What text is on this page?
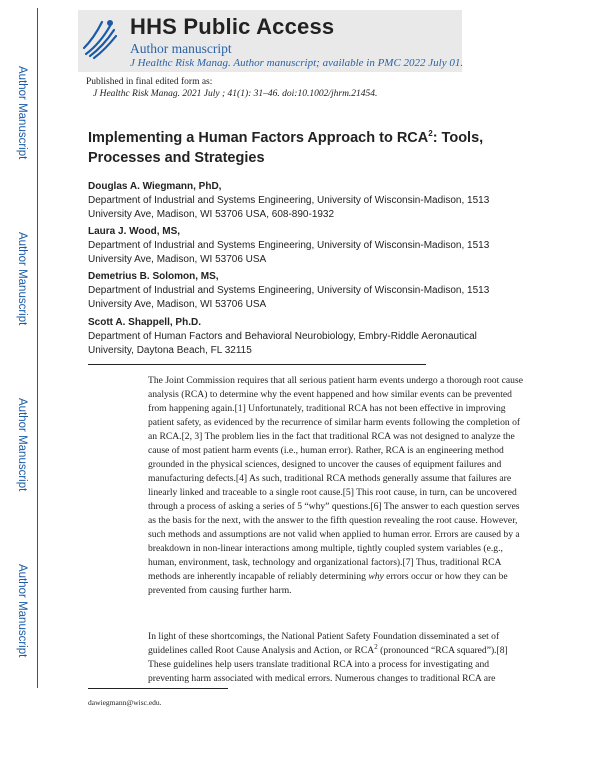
Author Manuscript
Author Manuscript
Author Manuscript
Author Manuscript
HHS Public Access
Author manuscript
J Healthc Risk Manag. Author manuscript; available in PMC 2022 July 01.
Published in final edited form as:
J Healthc Risk Manag. 2021 July ; 41(1): 31–46. doi:10.1002/jhrm.21454.
Implementing a Human Factors Approach to RCA$^2$: Tools, Processes and Strategies
Douglas A. Wiegmann, PhD,
Department of Industrial and Systems Engineering, University of Wisconsin-Madison, 1513 University Ave, Madison, WI 53706 USA, 608-890-1932
Laura J. Wood, MS,
Department of Industrial and Systems Engineering, University of Wisconsin-Madison, 1513 University Ave, Madison, WI 53706 USA
Demetrius B. Solomon, MS,
Department of Industrial and Systems Engineering, University of Wisconsin-Madison, 1513 University Ave, Madison, WI 53706 USA
Scott A. Shappell, Ph.D.
Department of Human Factors and Behavioral Neurobiology, Embry-Riddle Aeronautical University, Daytona Beach, FL 32115

The Joint Commission requires that all serious patient harm events undergo a thorough root cause analysis (RCA) to determine why the event happened and how similar events can be prevented from happening again.[1] Unfortunately, traditional RCA has not been effective in improving patient safety, as evidenced by the recurrence of similar harm events following the completion of an RCA.[2, 3] The problem lies in the fact that traditional RCA was not designed to analyze the cause of most patient harm events (i.e., human error). Rather, RCA is an engineering method grounded in the physical sciences, designed to uncover the causes of equipment failures and manufacturing defects.[4] As such, traditional RCA methods generally assume that failures are linearly linked and traceable to a single root cause.[5] This root cause, in turn, can be uncovered through a process of asking a series of 5 “why” questions.[6] The answer to each question serves as the basis for the next, with the answer to the fifth question revealing the root cause. However, such methods and assumptions are not valid when applied to human error. Errors are caused by a breakdown in non-linear interactions among multiple, tightly coupled system variables (e.g., human, environment, task, technology and organizational factors).[7] Thus, traditional RCA methods are inherently incapable of reliably determining why errors occur or how they can be prevented from causing further harm.

In light of these shortcomings, the National Patient Safety Foundation disseminated a set of guidelines called Root Cause Analysis and Action, or RCA$^2$ (pronounced “RCA squared”).[8] These guidelines help users translate traditional RCA into a process for investigating and preventing harm associated with medical errors. Numerous changes to traditional RCA are

dawiegmann@wisc.edu.
